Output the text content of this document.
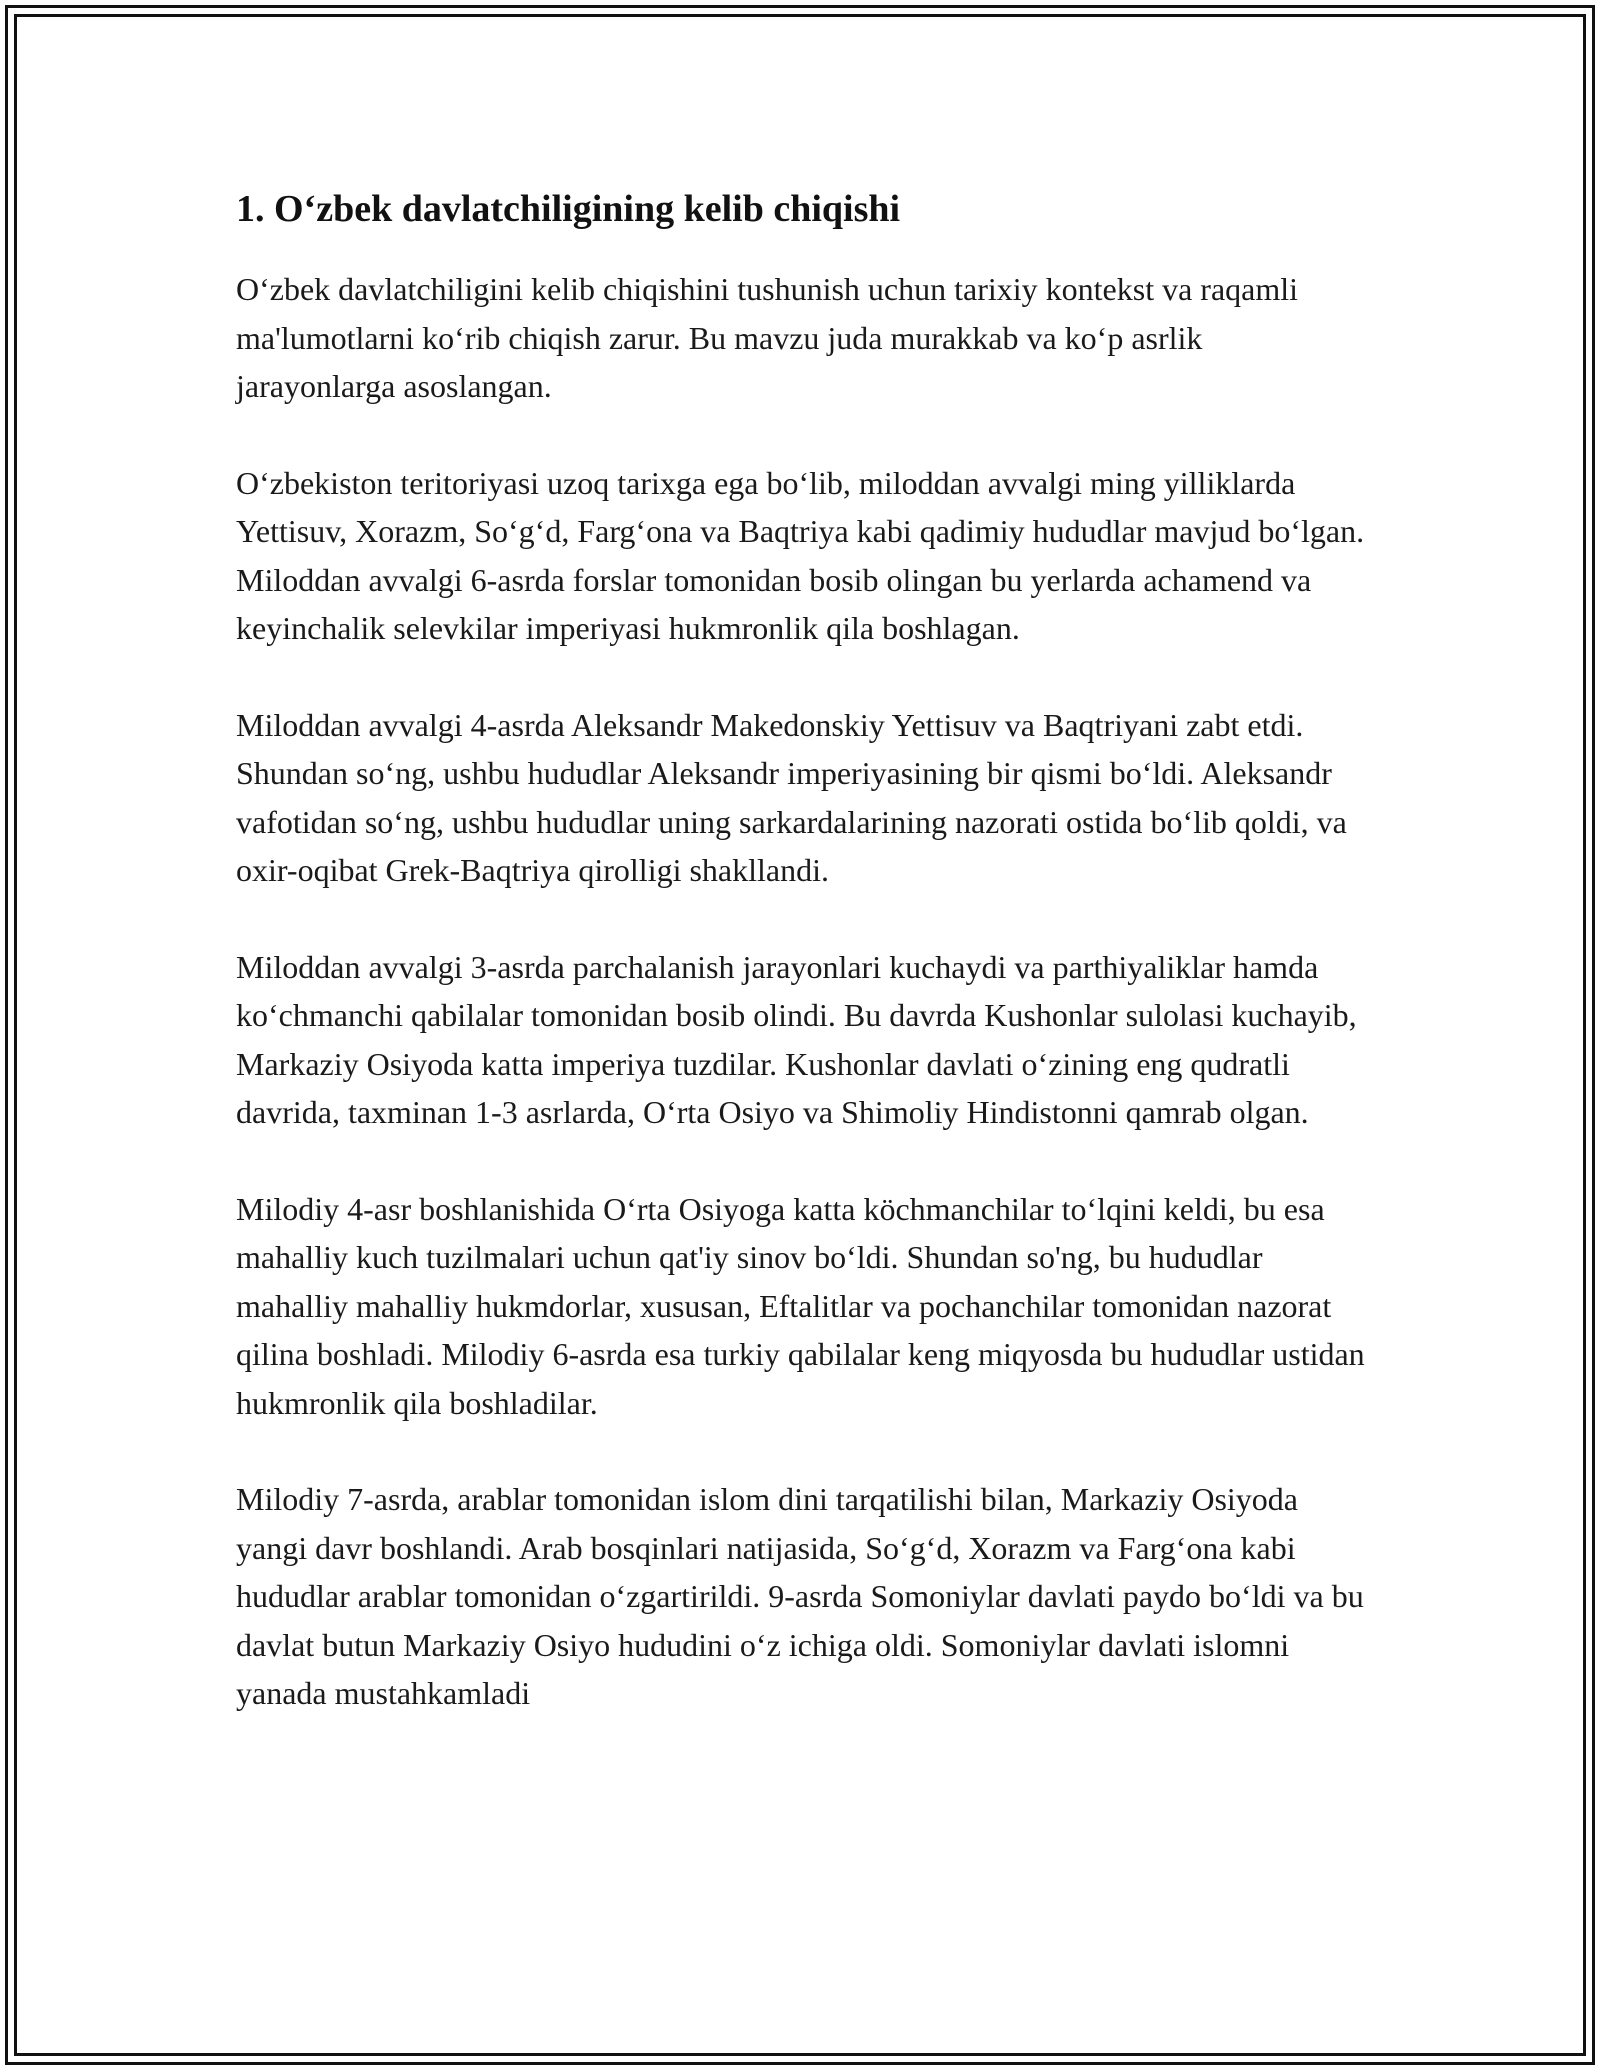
1. O‘zbek davlatchiligining kelib chiqishi

O‘zbek davlatchiligini kelib chiqishini tushunish uchun tarixiy kontekst va raqamli ma'lumotlarni ko‘rib chiqish zarur. Bu mavzu juda murakkab va ko‘p asrlik jarayonlarga asoslangan.

O‘zbekiston teritoriyasi uzoq tarixga ega bo‘lib, miloddan avvalgi ming yilliklarda Yettisuv, Xorazm, So‘g‘d, Farg‘ona va Baqtriya kabi qadimiy hududlar mavjud bo‘lgan. Miloddan avvalgi 6-asrda forslar tomonidan bosib olingan bu yerlarda achamend va keyinchalik selevkilar imperiyasi hukmronlik qila boshlagan.

Miloddan avvalgi 4-asrda Aleksandr Makedonskiy Yettisuv va Baqtriyani zabt etdi. Shundan so‘ng, ushbu hududlar Aleksandr imperiyasining bir qismi bo‘ldi. Aleksandr vafotidan so‘ng, ushbu hududlar uning sarkardalarining nazorati ostida bo‘lib qoldi, va oxir-oqibat Grek-Baqtriya qirolligi shakllandi.

Miloddan avvalgi 3-asrda parchalanish jarayonlari kuchaydi va parthiyaliklar hamda ko‘chmanchi qabilalar tomonidan bosib olindi. Bu davrda Kushonlar sulolasi kuchayib, Markaziy Osiyoda katta imperiya tuzdilar. Kushonlar davlati o‘zining eng qudratli davrida, taxminan 1-3 asrlarda, O‘rta Osiyo va Shimoliy Hindistonni qamrab olgan.

Milodiy 4-asr boshlanishida O‘rta Osiyoga katta köchmanchilar to‘lqini keldi, bu esa mahalliy kuch tuzilmalari uchun qat'iy sinov bo‘ldi. Shundan so'ng, bu hududlar mahalliy mahalliy hukmdorlar, xususan, Eftalitlar va pochanchilar tomonidan nazorat qilina boshladi. Milodiy 6-asrda esa turkiy qabilalar keng miqyosda bu hududlar ustidan hukmronlik qila boshladilar.

Milodiy 7-asrda, arablar tomonidan islom dini tarqatilishi bilan, Markaziy Osiyoda yangi davr boshlandi. Arab bosqinlari natijasida, So‘g‘d, Xorazm va Farg‘ona kabi hududlar arablar tomonidan o‘zgartirildi. 9-asrda Somoniylar davlati paydo bo‘ldi va bu davlat butun Markaziy Osiyo hududini o‘z ichiga oldi. Somoniylar davlati islomni yanada mustahkamladi
